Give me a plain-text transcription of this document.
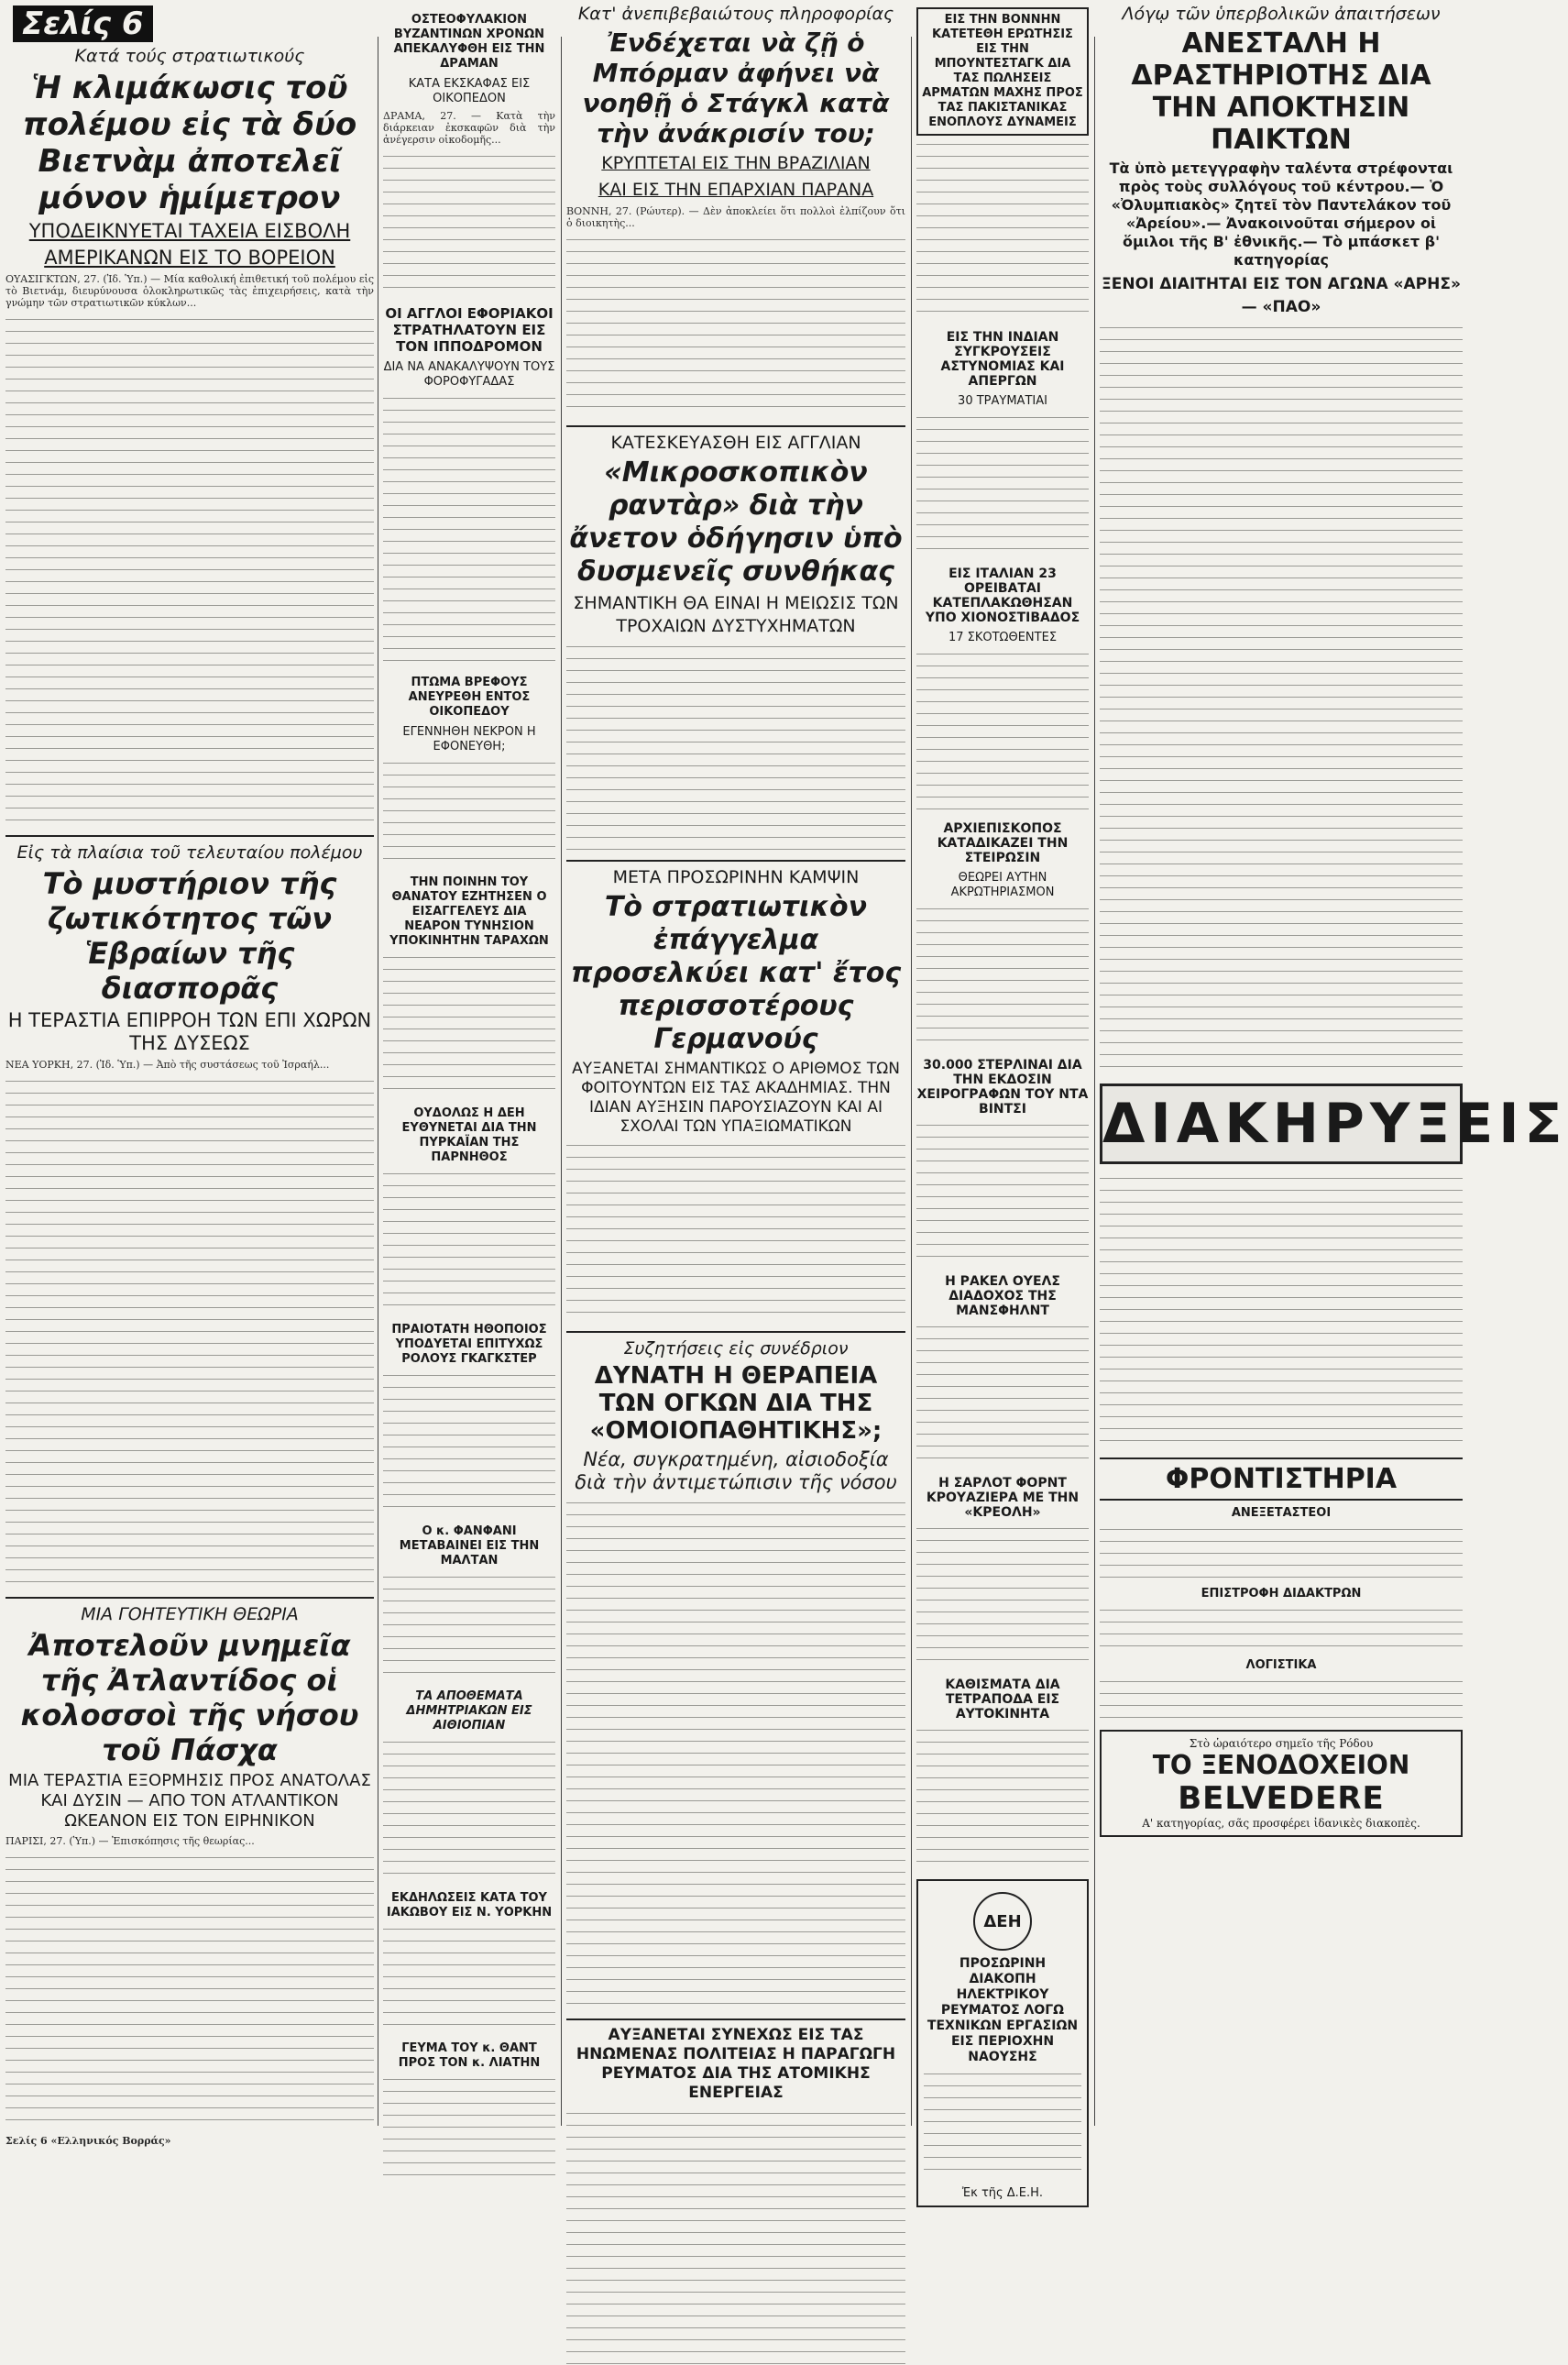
Σελίς 6
Κατά τούς στρατιωτικούς
Ἡ κλιμάκωσις τοῦ πολέμου εἰς τὰ δύο Βιετνὰμ ἀποτελεῖ μόνον ἡμίμετρον
ΥΠΟΔΕΙΚΝΥΕΤΑΙ ΤΑΧΕΙΑ ΕΙΣΒΟΛΗ
ΑΜΕΡΙΚΑΝΩΝ ΕΙΣ ΤΟ ΒΟΡΕΙΟΝ
ΟΥΑΣΙΓΚΤΩΝ, 27. (Ἰδ. Ὑπ.) — Μία καθολική ἐπιθετική τοῦ πολέμου εἰς τὸ Βιετνάμ, διευρύνουσα ὁλοκληρωτικῶς τὰς ἐπιχειρήσεις, κατὰ τὴν γνώμην τῶν στρατιωτικῶν κύκλων...
Εἰς τὰ πλαίσια τοῦ τελευταίου πολέμου
Τὸ μυστήριον τῆς ζωτικότητος τῶν Ἑβραίων τῆς διασπορᾶς
Η ΤΕΡΑΣΤΙΑ ΕΠΙΡΡΟΗ ΤΩΝ ΕΠΙ ΧΩΡΩΝ ΤΗΣ ΔΥΣΕΩΣ
ΝΕΑ ΥΟΡΚΗ, 27. (Ἰδ. Ὑπ.) — Ἀπὸ τῆς συστάσεως τοῦ Ἰσραήλ...
ΜΙΑ ΓΟΗΤΕΥΤΙΚΗ ΘΕΩΡΙΑ
Ἀποτελοῦν μνημεῖα τῆς Ἀτλαντίδος οἱ κολοσσοὶ τῆς νήσου τοῦ Πάσχα
ΜΙΑ ΤΕΡΑΣΤΙΑ ΕΞΟΡΜΗΣΙΣ ΠΡΟΣ ΑΝΑΤΟΛΑΣ ΚΑΙ ΔΥΣΙΝ — ΑΠΟ ΤΟΝ ΑΤΛΑΝΤΙΚΟΝ ΩΚΕΑΝΟΝ ΕΙΣ ΤΟΝ ΕΙΡΗΝΙΚΟΝ
ΠΑΡΙΣΙ, 27. (Ὑπ.) — Ἐπισκόπησις τῆς θεωρίας...
Σελίς 6 «Ελληνικός Βορράς»
ΟΣΤΕΟΦΥΛΑΚΙΟΝ ΒΥΖΑΝΤΙΝΩΝ ΧΡΟΝΩΝ ΑΠΕΚΑΛΥΦΘΗ ΕΙΣ ΤΗΝ ΔΡΑΜΑΝ
ΚΑΤΑ ΕΚΣΚΑΦΑΣ ΕΙΣ ΟΙΚΟΠΕΔΟΝ
ΔΡΑΜΑ, 27. — Κατὰ τὴν διάρκειαν ἐκσκαφῶν διὰ τὴν ἀνέγερσιν οἰκοδομῆς...
ΟΙ ΑΓΓΛΟΙ ΕΦΟΡΙΑΚΟΙ ΣΤΡΑΤΗΛΑΤΟΥΝ ΕΙΣ ΤΟΝ ΙΠΠΟΔΡΟΜΟΝ
ΔΙΑ ΝΑ ΑΝΑΚΑΛΥΨΟΥΝ ΤΟΥΣ ΦΟΡΟΦΥΓΑΔΑΣ
ΠΤΩΜΑ ΒΡΕΦΟΥΣ ΑΝΕΥΡΕΘΗ ΕΝΤΟΣ ΟΙΚΟΠΕΔΟΥ
ΕΓΕΝΝΗΘΗ ΝΕΚΡΟΝ Η ΕΦΟΝΕΥΘΗ;
ΤΗΝ ΠΟΙΝΗΝ ΤΟΥ ΘΑΝΑΤΟΥ ΕΖΗΤΗΣΕΝ Ο ΕΙΣΑΓΓΕΛΕΥΣ ΔΙΑ ΝΕΑΡΟΝ ΤΥΝΗΣΙΟΝ ΥΠΟΚΙΝΗΤΗΝ ΤΑΡΑΧΩΝ
ΟΥΔΟΛΩΣ Η ΔΕΗ ΕΥΘΥΝΕΤΑΙ ΔΙΑ ΤΗΝ ΠΥΡΚΑΪΑΝ ΤΗΣ ΠΑΡΝΗΘΟΣ
ΠΡΑΙΟΤΑΤΗ ΗΘΟΠΟΙΟΣ ΥΠΟΔΥΕΤΑΙ ΕΠΙΤΥΧΩΣ ΡΟΛΟΥΣ ΓΚΑΓΚΣΤΕΡ
Ο κ. ΦΑΝΦΑΝΙ ΜΕΤΑΒΑΙΝΕΙ ΕΙΣ ΤΗΝ ΜΑΛΤΑΝ
ΤΑ ΑΠΟΘΕΜΑΤΑ ΔΗΜΗΤΡΙΑΚΩΝ ΕΙΣ ΑΙΘΙΟΠΙΑΝ
ΕΚΔΗΛΩΣΕΙΣ ΚΑΤΑ ΤΟΥ ΙΑΚΩΒΟΥ ΕΙΣ Ν. ΥΟΡΚΗΝ
ΓΕΥΜΑ ΤΟΥ κ. ΘΑΝΤ ΠΡΟΣ ΤΟΝ κ. ΛΙΑΤΗΝ
Κατ' ἀνεπιβεβαιώτους πληροφορίας
Ἐνδέχεται νὰ ζῇ ὁ Μπόρμαν ἀφήνει νὰ νοηθῇ ὁ Στάγκλ κατὰ τὴν ἀνάκρισίν του;
ΚΡΥΠΤΕΤΑΙ ΕΙΣ ΤΗΝ ΒΡΑΖΙΛΙΑΝ
ΚΑΙ ΕΙΣ ΤΗΝ ΕΠΑΡΧΙΑΝ ΠΑΡΑΝΑ
ΒΟΝΝΗ, 27. (Ρώυτερ). — Δὲν ἀποκλείει ὅτι πολλοὶ ἐλπίζουν ὅτι ὁ διοικητὴς...
ΚΑΤΕΣΚΕΥΑΣΘΗ ΕΙΣ ΑΓΓΛΙΑΝ
«Μικροσκοπικὸν ραντὰρ» διὰ τὴν ἄνετον ὁδήγησιν ὑπὸ δυσμενεῖς συνθήκας
ΣΗΜΑΝΤΙΚΗ ΘΑ ΕΙΝΑΙ Η ΜΕΙΩΣΙΣ ΤΩΝ ΤΡΟΧΑΙΩΝ ΔΥΣΤΥΧΗΜΑΤΩΝ
ΜΕΤΑ ΠΡΟΣΩΡΙΝΗΝ ΚΑΜΨΙΝ
Τὸ στρατιωτικὸν ἐπάγγελμα προσελκύει κατ' ἔτος περισσοτέρους Γερμανούς
ΑΥΞΑΝΕΤΑΙ ΣΗΜΑΝΤΙΚΩΣ Ο ΑΡΙΘΜΟΣ ΤΩΝ ΦΟΙΤΟΥΝΤΩΝ ΕΙΣ ΤΑΣ ΑΚΑΔΗΜΙΑΣ. ΤΗΝ ΙΔΙΑΝ ΑΥΞΗΣΙΝ ΠΑΡΟΥΣΙΑΖΟΥΝ ΚΑΙ ΑΙ ΣΧΟΛΑΙ ΤΩΝ ΥΠΑΞΙΩΜΑΤΙΚΩΝ
Συζητήσεις εἰς συνέδριον
ΔΥΝΑΤΗ Η ΘΕΡΑΠΕΙΑ ΤΩΝ ΟΓΚΩΝ ΔΙΑ ΤΗΣ «ΟΜΟΙΟΠΑΘΗΤΙΚΗΣ»;
Νέα, συγκρατημένη, αἰσιοδοξία διὰ τὴν ἀντιμετώπισιν τῆς νόσου
ΑΥΞΑΝΕΤΑΙ ΣΥΝΕΧΩΣ ΕΙΣ ΤΑΣ ΗΝΩΜΕΝΑΣ ΠΟΛΙΤΕΙΑΣ Η ΠΑΡΑΓΩΓΗ ΡΕΥΜΑΤΟΣ ΔΙΑ ΤΗΣ ΑΤΟΜΙΚΗΣ ΕΝΕΡΓΕΙΑΣ
ΕΙΣ ΤΗΝ ΒΟΝΝΗΝ ΚΑΤΕΤΕΘΗ ΕΡΩΤΗΣΙΣ ΕΙΣ ΤΗΝ ΜΠΟΥΝΤΕΣΤΑΓΚ ΔΙΑ ΤΑΣ ΠΩΛΗΣΕΙΣ ΑΡΜΑΤΩΝ ΜΑΧΗΣ ΠΡΟΣ ΤΑΣ ΠΑΚΙΣΤΑΝΙΚΑΣ ΕΝΟΠΛΟΥΣ ΔΥΝΑΜΕΙΣ
ΕΙΣ ΤΗΝ ΙΝΔΙΑΝ ΣΥΓΚΡΟΥΣΕΙΣ ΑΣΤΥΝΟΜΙΑΣ ΚΑΙ ΑΠΕΡΓΩΝ
30 ΤΡΑΥΜΑΤΙΑΙ
ΕΙΣ ΙΤΑΛΙΑΝ 23 ΟΡΕΙΒΑΤΑΙ ΚΑΤΕΠΛΑΚΩΘΗΣΑΝ ΥΠΟ ΧΙΟΝΟΣΤΙΒΑΔΟΣ
17 ΣΚΟΤΩΘΕΝΤΕΣ
ΑΡΧΙΕΠΙΣΚΟΠΟΣ ΚΑΤΑΔΙΚΑΖΕΙ ΤΗΝ ΣΤΕΙΡΩΣΙΝ
ΘΕΩΡΕΙ ΑΥΤΗΝ ΑΚΡΩΤΗΡΙΑΣΜΟΝ
30.000 ΣΤΕΡΛΙΝΑΙ ΔΙΑ ΤΗΝ ΕΚΔΟΣΙΝ ΧΕΙΡΟΓΡΑΦΩΝ ΤΟΥ ΝΤΑ ΒΙΝΤΣΙ
Η ΡΑΚΕΛ ΟΥΕΛΣ ΔΙΑΔΟΧΟΣ ΤΗΣ ΜΑΝΣΦΗΛΝΤ
Η ΣΑΡΛΟΤ ΦΟΡΝΤ ΚΡΟΥΑΖΙΕΡΑ ΜΕ ΤΗΝ «ΚΡΕΟΛΗ»
ΚΑΘΙΣΜΑΤΑ ΔΙΑ ΤΕΤΡΑΠΟΔΑ ΕΙΣ ΑΥΤΟΚΙΝΗΤΑ
ΔΕΗ
ΠΡΟΣΩΡΙΝΗ ΔΙΑΚΟΠΗ ΗΛΕΚΤΡΙΚΟΥ ΡΕΥΜΑΤΟΣ ΛΟΓΩ ΤΕΧΝΙΚΩΝ ΕΡΓΑΣΙΩΝ ΕΙΣ ΠΕΡΙΟΧΗΝ ΝΑΟΥΣΗΣ
Ἐκ τῆς Δ.Ε.Η.
Λόγῳ τῶν ὑπερβολικῶν ἀπαιτήσεων
ΑΝΕΣΤΑΛΗ Η ΔΡΑΣΤΗΡΙΟΤΗΣ ΔΙΑ ΤΗΝ ΑΠΟΚΤΗΣΙΝ ΠΑΙΚΤΩΝ
Τὰ ὑπὸ μετεγγραφὴν ταλέντα στρέφονται πρὸς τοὺς συλλόγους τοῦ κέντρου.— Ὁ «Ὀλυμπιακὸς» ζητεῖ τὸν Παντελάκον τοῦ «Ἀρείου».— Ἀνακοινοῦται σήμερον οἱ ὅμιλοι τῆς Β' ἐθνικῆς.— Τὸ μπάσκετ β' κατηγορίας
ΞΕΝΟΙ ΔΙΑΙΤΗΤΑΙ ΕΙΣ ΤΟΝ ΑΓΩΝΑ «ΑΡΗΣ» — «ΠΑΟ»
ΔΙΑΚΗΡΥΞΕΙΣ
ΦΡΟΝΤΙΣΤΗΡΙΑ
ΑΝΕΞΕΤΑΣΤΕΟΙ
ΕΠΙΣΤΡΟΦΗ ΔΙΔΑΚΤΡΩΝ
ΛΟΓΙΣΤΙΚΑ
Στὸ ὡραιότερο σημεῖο τῆς Ρόδου
ΤΟ ΞΕΝΟΔΟΧΕΙΟΝ
BELVEDERE
Α' κατηγορίας, σᾶς προσφέρει ἰδανικὲς διακοπὲς.
